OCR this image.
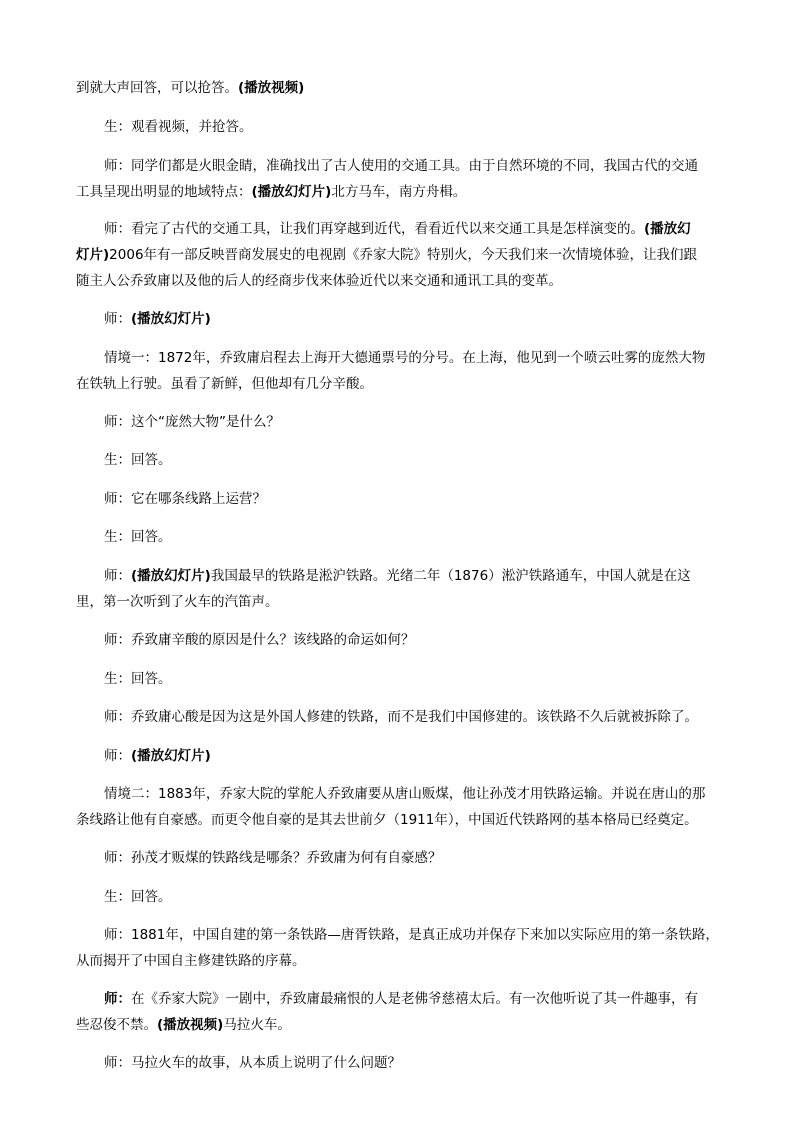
到就大声回答，可以抢答。(播放视频)
生：观看视频，并抢答。
师：同学们都是火眼金睛，准确找出了古人使用的交通工具。由于自然环境的不同，我国古代的交通
工具呈现出明显的地域特点：(播放幻灯片)北方马车，南方舟楫。
师：看完了古代的交通工具，让我们再穿越到近代，看看近代以来交通工具是怎样演变的。(播放幻
灯片)2006年有一部反映晋商发展史的电视剧《乔家大院》特别火，今天我们来一次情境体验，让我们跟
随主人公乔致庸以及他的后人的经商步伐来体验近代以来交通和通讯工具的变革。
师：(播放幻灯片)
情境一：1872年，乔致庸启程去上海开大德通票号的分号。在上海，他见到一个喷云吐雾的庞然大物
在铁轨上行驶。虽看了新鲜，但他却有几分辛酸。
师：这个“庞然大物”是什么？
生：回答。
师：它在哪条线路上运营？
生：回答。
师：(播放幻灯片)我国最早的铁路是淞沪铁路。光绪二年（1876）淞沪铁路通车，中国人就是在这
里，第一次听到了火车的汽笛声。
师：乔致庸辛酸的原因是什么？该线路的命运如何？
生：回答。
师：乔致庸心酸是因为这是外国人修建的铁路，而不是我们中国修建的。该铁路不久后就被拆除了。
师：(播放幻灯片)
情境二：1883年，乔家大院的掌舵人乔致庸要从唐山贩煤，他让孙茂才用铁路运输。并说在唐山的那
条线路让他有自豪感。而更令他自豪的是其去世前夕（1911年），中国近代铁路网的基本格局已经奠定。
师：孙茂才贩煤的铁路线是哪条？乔致庸为何有自豪感？
生：回答。
师：1881年，中国自建的第一条铁路—唐胥铁路，是真正成功并保存下来加以实际应用的第一条铁路，
从而揭开了中国自主修建铁路的序幕。
师：在《乔家大院》一剧中，乔致庸最痛恨的人是老佛爷慈禧太后。有一次他听说了其一件趣事，有
些忍俊不禁。(播放视频)马拉火车。
师：马拉火车的故事，从本质上说明了什么问题？
